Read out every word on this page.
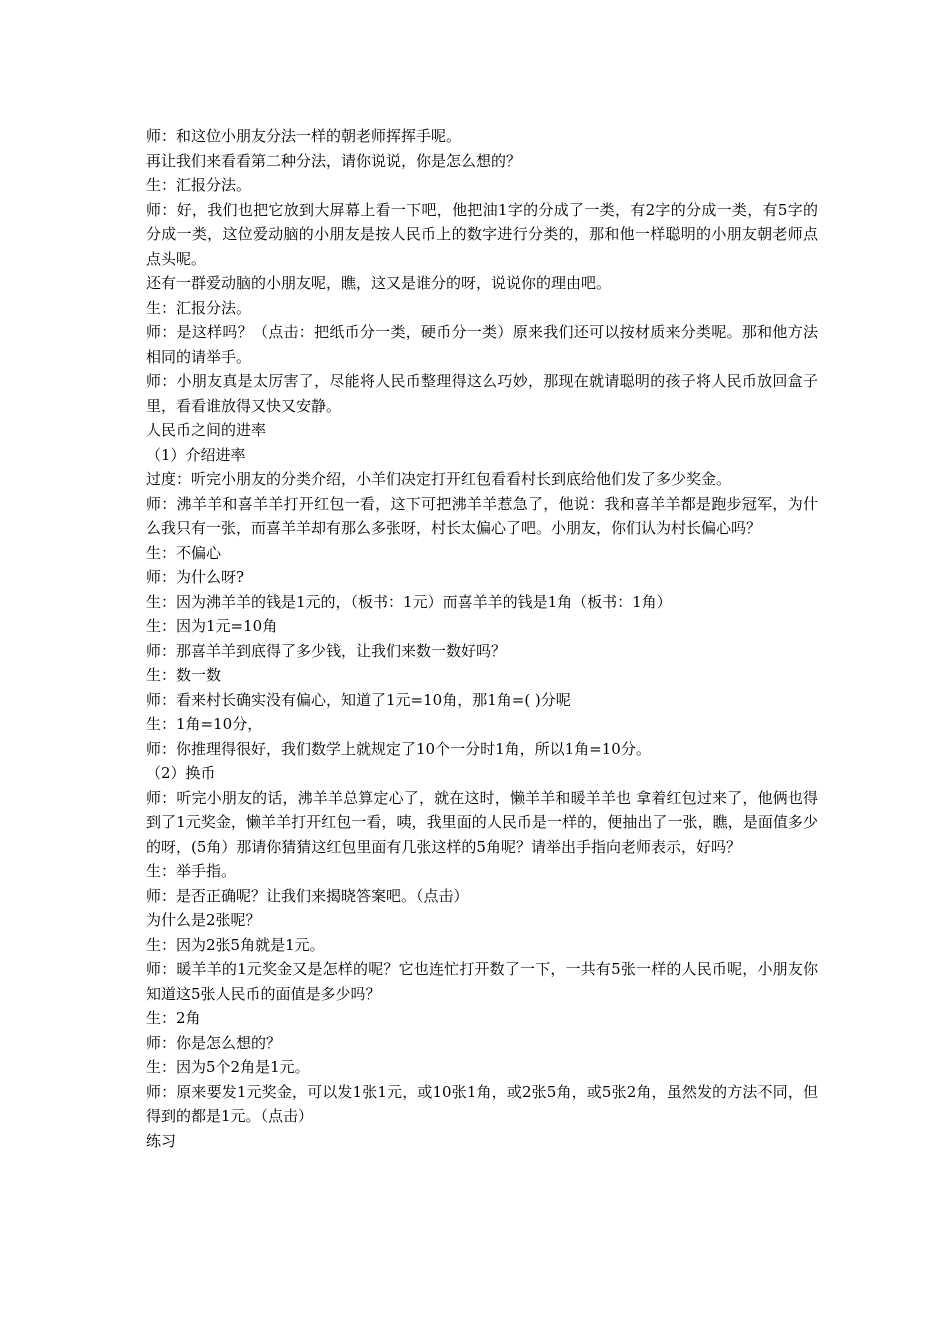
师：和这位小朋友分法一样的朝老师挥挥手呢。

再让我们来看看第二种分法，请你说说，你是怎么想的？

生：汇报分法。

师：好，我们也把它放到大屏幕上看一下吧，他把油1字的分成了一类，有2字的分成一类，有5字的分成一类，这位爱动脑的小朋友是按人民币上的数字进行分类的，那和他一样聪明的小朋友朝老师点点头呢。

还有一群爱动脑的小朋友呢，瞧，这又是谁分的呀，说说你的理由吧。

生：汇报分法。

师：是这样吗？（点击：把纸币分一类，硬币分一类）原来我们还可以按材质来分类呢。那和他方法相同的请举手。

师：小朋友真是太厉害了，尽能将人民币整理得这么巧妙，那现在就请聪明的孩子将人民币放回盒子里，看看谁放得又快又安静。

人民币之间的进率

（1）介绍进率

过度：听完小朋友的分类介绍，小羊们决定打开红包看看村长到底给他们发了多少奖金。

师：沸羊羊和喜羊羊打开红包一看，这下可把沸羊羊惹急了，他说：我和喜羊羊都是跑步冠军，为什么我只有一张，而喜羊羊却有那么多张呀，村长太偏心了吧。小朋友，你们认为村长偏心吗？

生：不偏心

师：为什么呀?

生：因为沸羊羊的钱是1元的，（板书：1元）而喜羊羊的钱是1角（板书：1角）

生：因为1元=10角

师：那喜羊羊到底得了多少钱，让我们来数一数好吗？

生：数一数

师：看来村长确实没有偏心，知道了1元=10角，那1角=( )分呢

生：1角=10分，

师：你推理得很好，我们数学上就规定了10个一分时1角，所以1角=10分。

（2）换币

师：听完小朋友的话，沸羊羊总算定心了，就在这时，懒羊羊和暖羊羊也 拿着红包过来了，他俩也得到了1元奖金，懒羊羊打开红包一看，咦，我里面的人民币是一样的，便抽出了一张，瞧，是面值多少的呀，(5角）那请你猜猜这红包里面有几张这样的5角呢？请举出手指向老师表示，好吗？

生：举手指。

师：是否正确呢？让我们来揭晓答案吧。（点击）

为什么是2张呢？

生：因为2张5角就是1元。

师：暖羊羊的1元奖金又是怎样的呢？它也连忙打开数了一下，一共有5张一样的人民币呢，小朋友你知道这5张人民币的面值是多少吗？

生：2角

师：你是怎么想的？

生：因为5个2角是1元。

师：原来要发1元奖金，可以发1张1元，或10张1角，或2张5角，或5张2角，虽然发的方法不同，但得到的都是1元。（点击）

练习
